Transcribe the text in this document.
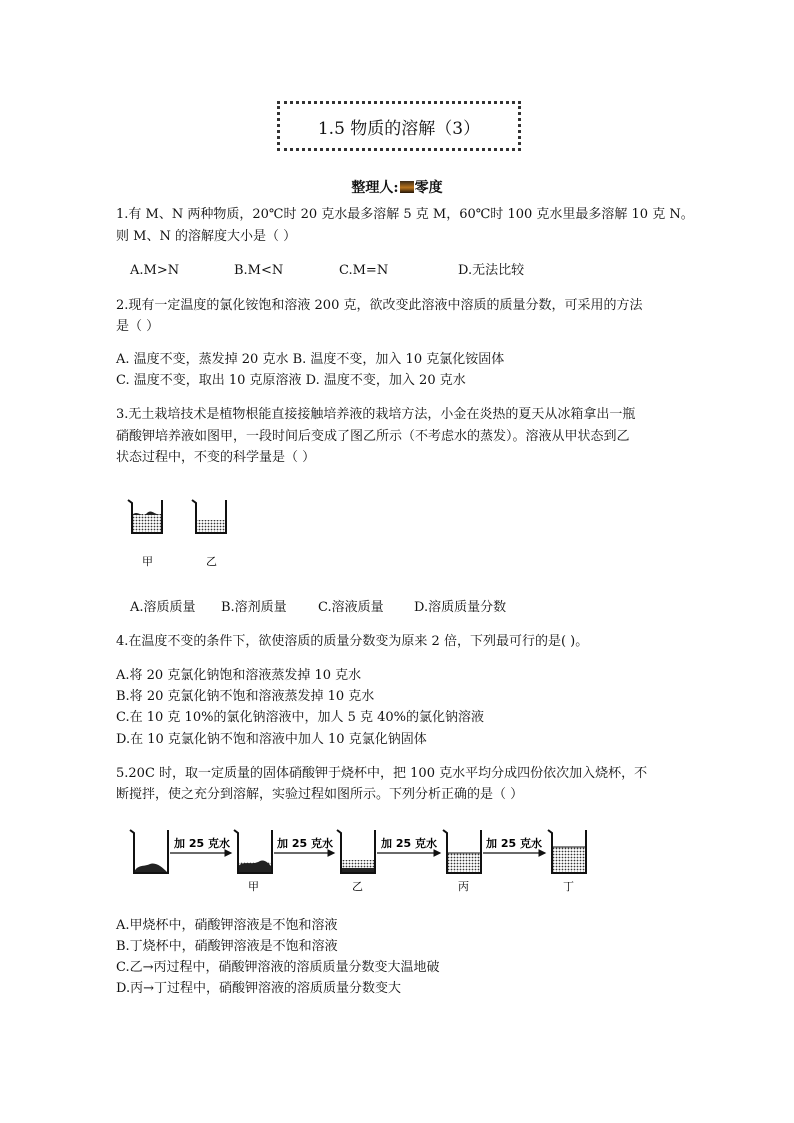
1.5 物质的溶解（3）
整理人: 零度
1.有 M、N 两种物质，20℃时 20 克水最多溶解 5 克 M，60℃时 100 克水里最多溶解 10 克 N。
则 M、N 的溶解度大小是（ ）
A.M>N	B.M<N	C.M=N	D.无法比较
2.现有一定温度的氯化铵饱和溶液 200 克，欲改变此溶液中溶质的质量分数，可采用的方法
是（ ）
A. 温度不变，蒸发掉 20 克水 B. 温度不变，加入 10 克氯化铵固体
C. 温度不变，取出 10 克原溶液 D. 温度不变，加入 20 克水
3.无土栽培技术是植物根能直接接触培养液的栽培方法，小金在炎热的夏天从冰箱拿出一瓶
硝酸钾培养液如图甲，一段时间后变成了图乙所示（不考虑水的蒸发）。溶液从甲状态到乙
状态过程中，不变的科学量是（ ）
甲	乙
A.溶质质量 B.溶剂质量 C.溶液质量 D.溶质质量分数
4.在温度不变的条件下，欲使溶质的质量分数变为原来 2 倍，下列最可行的是( )。
A.将 20 克氯化钠饱和溶液蒸发掉 10 克水
B.将 20 克氯化钠不饱和溶液蒸发掉 10 克水
C.在 10 克 10%的氯化钠溶液中，加人 5 克 40%的氯化钠溶液
D.在 10 克氯化钠不饱和溶液中加人 10 克氯化钠固体
5.20C 时，取一定质量的固体硝酸钾于烧杯中，把 100 克水平均分成四份依次加入烧杯，不
断搅拌，使之充分到溶解，实验过程如图所示。下列分析正确的是（ ）
加 25 克水	加 25 克水	加 25 克水	加 25 克水
甲	乙	丙	丁
A.甲烧杯中，硝酸钾溶液是不饱和溶液
B.丁烧杯中，硝酸钾溶液是不饱和溶液
C.乙→丙过程中，硝酸钾溶液的溶质质量分数变大温地破
D.丙→丁过程中，硝酸钾溶液的溶质质量分数变大
